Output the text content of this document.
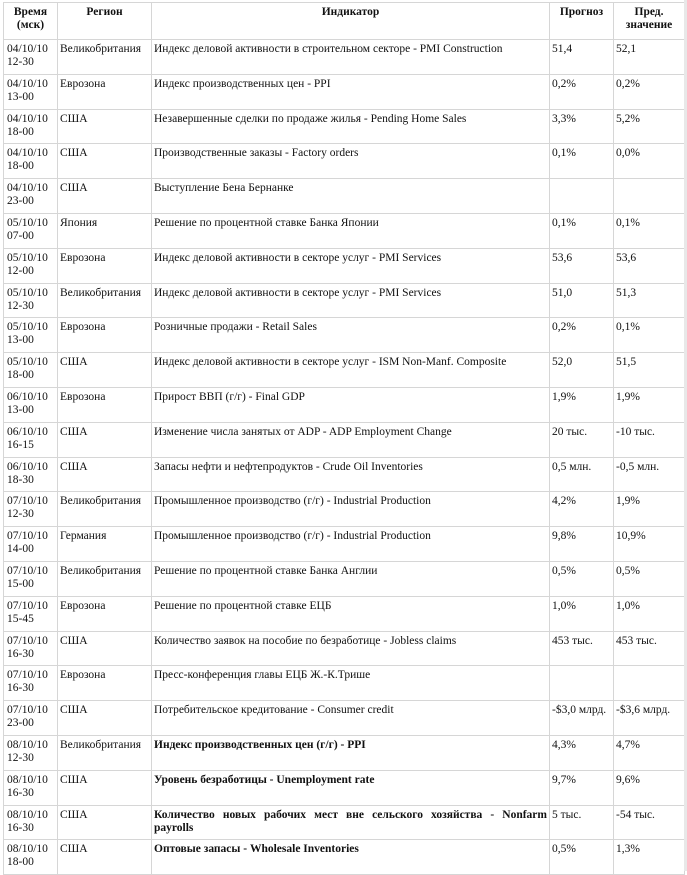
Время (мск)	Регион	Индикатор	Прогноз	Пред. значение
04/10/10
12-30	Великобритания	Индекс деловой активности в строительном секторе - PMI Construction	51,4	52,1
04/10/10
13-00	Еврозона	Индекс производственных цен - PPI	0,2%	0,2%
04/10/10
18-00	США	Незавершенные сделки по продаже жилья - Pending Home Sales	3,3%	5,2%
04/10/10
18-00	США	Производственные заказы - Factory orders	0,1%	0,0%
04/10/10
23-00	США	Выступление Бена Бернанке		
05/10/10
07-00	Япония	Решение по процентной ставке Банка Японии	0,1%	0,1%
05/10/10
12-00	Еврозона	Индекс деловой активности в секторе услуг - PMI Services	53,6	53,6
05/10/10
12-30	Великобритания	Индекс деловой активности в секторе услуг - PMI Services	51,0	51,3
05/10/10
13-00	Еврозона	Розничные продажи - Retail Sales	0,2%	0,1%
05/10/10
18-00	США	Индекс деловой активности в секторе услуг - ISM Non-Manf. Composite	52,0	51,5
06/10/10
13-00	Еврозона	Прирост ВВП (г/г) - Final GDP	1,9%	1,9%
06/10/10
16-15	США	Изменение числа занятых от ADP - ADP Employment Change	20 тыс.	-10 тыс.
06/10/10
18-30	США	Запасы нефти и нефтепродуктов - Crude Oil Inventories	0,5 млн.	-0,5 млн.
07/10/10
12-30	Великобритания	Промышленное производство (г/г) - Industrial Production	4,2%	1,9%
07/10/10
14-00	Германия	Промышленное производство (г/г) - Industrial Production	9,8%	10,9%
07/10/10
15-00	Великобритания	Решение по процентной ставке Банка Англии	0,5%	0,5%
07/10/10
15-45	Еврозона	Решение по процентной ставке ЕЦБ	1,0%	1,0%
07/10/10
16-30	США	Количество заявок на пособие по безработице - Jobless claims	453 тыс.	453 тыс.
07/10/10
16-30	Еврозона	Пресс-конференция главы ЕЦБ Ж.-К.Трише		
07/10/10
23-00	США	Потребительское кредитование - Consumer credit	-$3,0 млрд.	-$3,6 млрд.
08/10/10
12-30	Великобритания	Индекс производственных цен (г/г) - PPI	4,3%	4,7%
08/10/10
16-30	США	Уровень безработицы - Unemployment rate	9,7%	9,6%
08/10/10
16-30	США	Количество новых рабочих мест вне сельского хозяйства - Nonfarm payrolls	5 тыс.	-54 тыс.
08/10/10
18-00	США	Оптовые запасы - Wholesale Inventories	0,5%	1,3%
